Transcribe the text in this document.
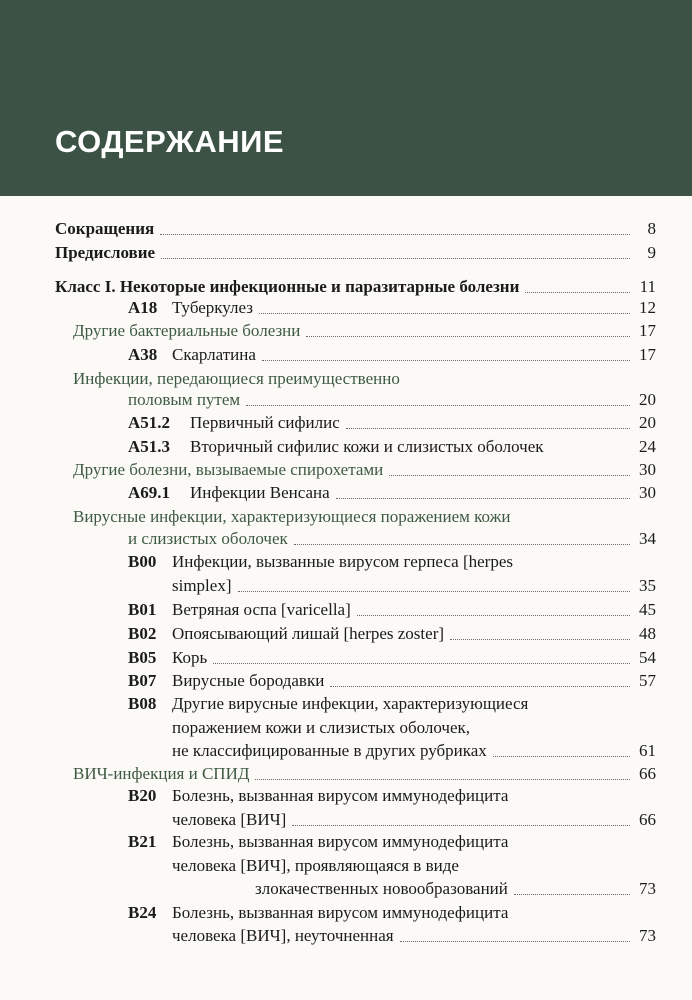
СОДЕРЖАНИЕ
Сокращения	8
Предисловие	9
Класс I. Некоторые инфекционные и паразитарные болезни	11
A18 Туберкулез	12
Другие бактериальные болезни	17
A38 Скарлатина	17
Инфекции, передающиеся преимущественно
половым путем	20
A51.2 Первичный сифилис	20
A51.3 Вторичный сифилис кожи и слизистых оболочек	24
Другие болезни, вызываемые спирохетами	30
A69.1 Инфекции Венсана	30
Вирусные инфекции, характеризующиеся поражением кожи
и слизистых оболочек	34
B00 Инфекции, вызванные вирусом герпеса [herpes
simplex]	35
B01 Ветряная оспа [varicella]	45
B02 Опоясывающий лишай [herpes zoster]	48
B05 Корь	54
B07 Вирусные бородавки	57
B08 Другие вирусные инфекции, характеризующиеся
поражением кожи и слизистых оболочек,
не классифицированные в других рубриках	61
ВИЧ-инфекция и СПИД	66
B20 Болезнь, вызванная вирусом иммунодефицита
человека [ВИЧ]	66
B21 Болезнь, вызванная вирусом иммунодефицита
человека [ВИЧ], проявляющаяся в виде
злокачественных новообразований	73
B24 Болезнь, вызванная вирусом иммунодефицита
человека [ВИЧ], неуточненная	73
